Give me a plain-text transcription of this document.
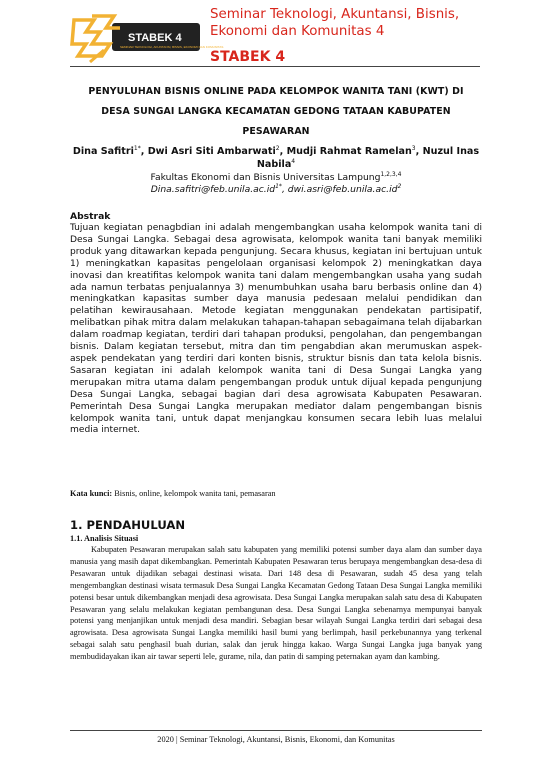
STABEK 4
SEMINAR TEKNOLOGI, AKUNTANSI, BISNIS, EKONOMI DAN KOMUNITAS
Seminar Teknologi, Akuntansi, Bisnis,
Ekonomi dan Komunitas 4
STABEK 4
PENYULUHAN BISNIS ONLINE PADA KELOMPOK WANITA TANI (KWT) DI
DESA SUNGAI LANGKA KECAMATAN GEDONG TATAAN KABUPATEN
PESAWARAN
Dina Safitri$^{1*}$, Dwi Asri Siti Ambarwati$^2$, Mudji Rahmat Ramelan$^3$, Nuzul Inas Nabila$^4$
Fakultas Ekonomi dan Bisnis Universitas Lampung$^{1,2,3,4}$
$Dina.safitri@feb.unila.ac.id^{1*}$, $dwi.asri@feb.unila.ac.id^2$
Abstrak
Tujuan kegiatan penagbdian ini adalah mengembangkan usaha kelompok wanita tani di Desa Sungai Langka. Sebagai desa agrowisata, kelompok wanita tani banyak memiliki produk yang ditawarkan kepada pengunjung. Secara khusus, kegiatan ini bertujuan untuk 1) meningkatkan kapasitas pengelolaan organisasi kelompok 2) meningkatkan daya inovasi dan kreatifitas kelompok wanita tani dalam mengembangkan usaha yang sudah ada namun terbatas penjualannya 3) menumbuhkan usaha baru berbasis online dan 4) meningkatkan kapasitas sumber daya manusia pedesaan melalui pendidikan dan pelatihan kewirausahaan. Metode kegiatan menggunakan pendekatan partisipatif, melibatkan pihak mitra dalam melakukan tahapan-tahapan sebagaimana telah dijabarkan dalam roadmap kegiatan, terdiri dari tahapan produksi, pengolahan, dan pengembangan bisnis. Dalam kegiatan tersebut, mitra dan tim pengabdian akan merumuskan aspek-aspek pendekatan yang terdiri dari konten bisnis, struktur bisnis dan tata kelola bisnis. Sasaran kegiatan ini adalah kelompok wanita tani di Desa Sungai Langka yang merupakan mitra utama dalam pengembangan produk untuk dijual kepada pengunjung Desa Sungai Langka, sebagai bagian dari desa agrowisata Kabupaten Pesawaran. Pemerintah Desa Sungai Langka merupakan mediator dalam pengembangan bisnis kelompok wanita tani, untuk dapat menjangkau konsumen secara lebih luas melalui media internet.
Kata kunci: Bisnis, online, kelompok wanita tani, pemasaran
1. PENDAHULUAN
1.1. Analisis Situasi
Kabupaten Pesawaran merupakan salah satu kabupaten yang memiliki potensi sumber daya alam dan sumber daya manusia yang masih dapat dikembangkan. Pemerintah Kabupaten Pesawaran terus berupaya mengembangkan desa-desa di Pesawaran untuk dijadikan sebagai destinasi wisata. Dari 148 desa di Pesawaran, sudah 45 desa yang telah mengembangkan destinasi wisata termasuk Desa Sungai Langka Kecamatan Gedong Tataan Desa Sungai Langka memiliki potensi besar untuk dikembangkan menjadi desa agrowisata. Desa Sungai Langka merupakan salah satu desa di Kabupaten Pesawaran yang selalu melakukan kegiatan pembangunan desa. Desa Sungai Langka sebenarnya mempunyai banyak potensi yang menjanjikan untuk menjadi desa mandiri. Sebagian besar wilayah Sungai Langka terdiri dari sebagai desa agrowisata. Desa agrowisata Sungai Langka memiliki hasil bumi yang berlimpah, hasil perkebunannya yang terkenal sebagai salah satu penghasil buah durian, salak dan jeruk hingga kakao. Warga Sungai Langka juga banyak yang membudidayakan ikan air tawar seperti lele, gurame, nila, dan patin di samping peternakan ayam dan kambing.
2020 | Seminar Teknologi, Akuntansi, Bisnis, Ekonomi, dan Komunitas
